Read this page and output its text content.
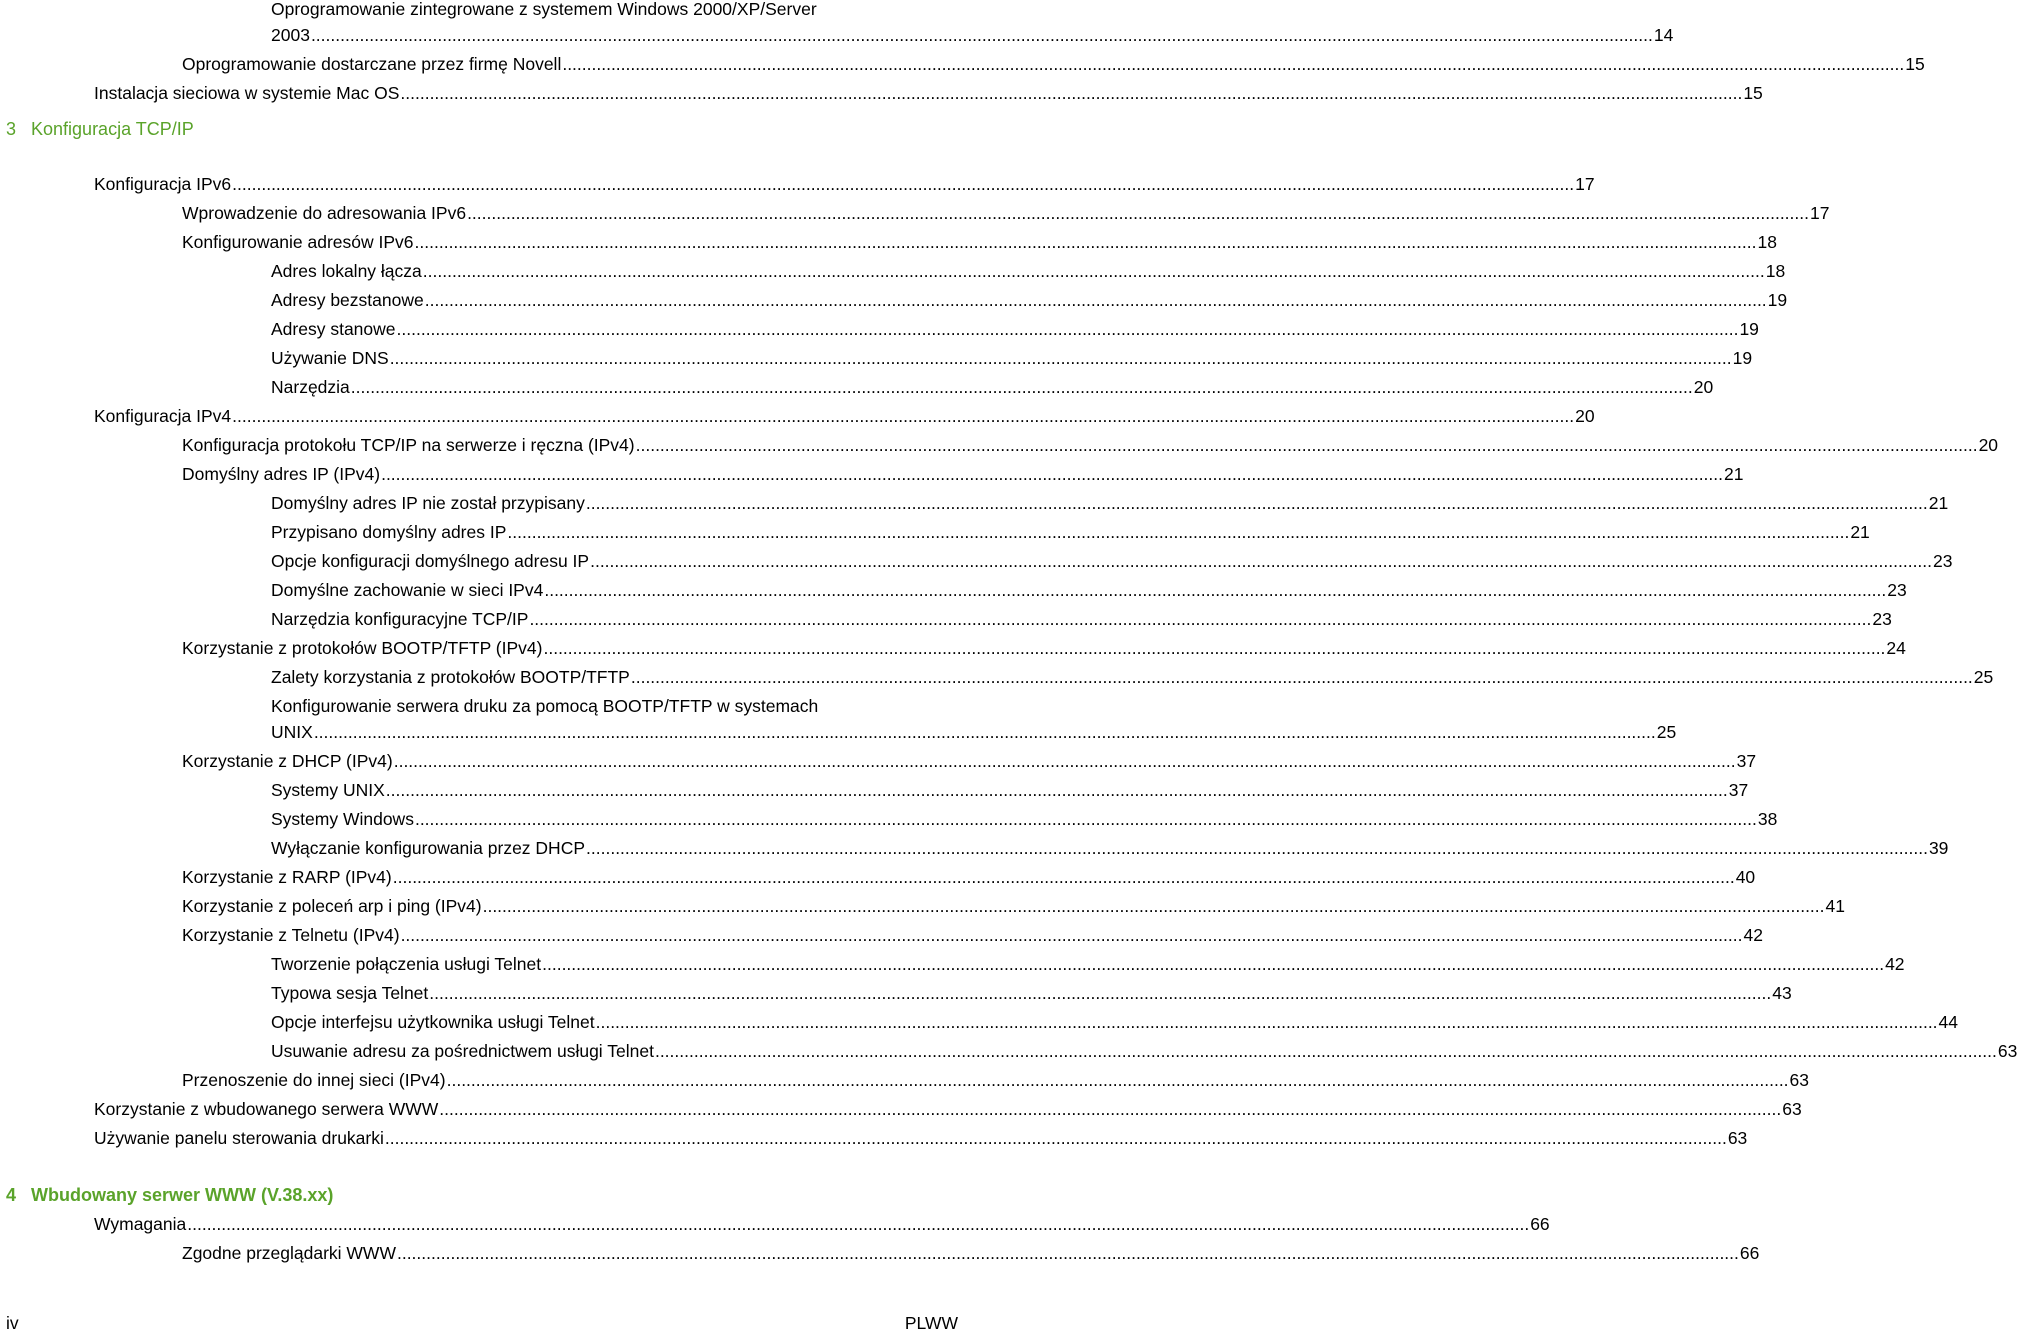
3 Konfiguracja TCP/IP
4 Wbudowany serwer WWW (V.38.xx)
Oprogramowanie zintegrowane z systemem Windows 2000/XP/Server
2003 .....	14
Oprogramowanie dostarczane przez firmę Novell .....	15
Instalacja sieciowa w systemie Mac OS .....	15
Konfiguracja IPv6 .....	17
Wprowadzenie do adresowania IPv6 .....	17
Konfigurowanie adresów IPv6 .....	18
Adres lokalny łącza .....	18
Adresy bezstanowe .....	19
Adresy stanowe .....	19
Używanie DNS .....	19
Narzędzia .....	20
Konfiguracja IPv4 .....	20
Konfiguracja protokołu TCP/IP na serwerze i ręczna (IPv4) .....	20
Domyślny adres IP (IPv4) .....	21
Domyślny adres IP nie został przypisany .....	21
Przypisano domyślny adres IP .....	21
Opcje konfiguracji domyślnego adresu IP .....	23
Domyślne zachowanie w sieci IPv4 .....	23
Narzędzia konfiguracyjne TCP/IP .....	23
Korzystanie z protokołów BOOTP/TFTP (IPv4) .....	24
Zalety korzystania z protokołów BOOTP/TFTP .....	25
Konfigurowanie serwera druku za pomocą BOOTP/TFTP w systemach
UNIX .....	25
Korzystanie z DHCP (IPv4) .....	37
Systemy UNIX .....	37
Systemy Windows .....	38
Wyłączanie konfigurowania przez DHCP .....	39
Korzystanie z RARP (IPv4) .....	40
Korzystanie z poleceń arp i ping (IPv4) .....	41
Korzystanie z Telnetu (IPv4) .....	42
Tworzenie połączenia usługi Telnet .....	42
Typowa sesja Telnet .....	43
Opcje interfejsu użytkownika usługi Telnet .....	44
Usuwanie adresu za pośrednictwem usługi Telnet .....	63
Przenoszenie do innej sieci (IPv4) .....	63
Korzystanie z wbudowanego serwera WWW .....	63
Używanie panelu sterowania drukarki .....	63
Wymagania .....	66
Zgodne przeglądarki WWW .....	66
iv	PLWW
